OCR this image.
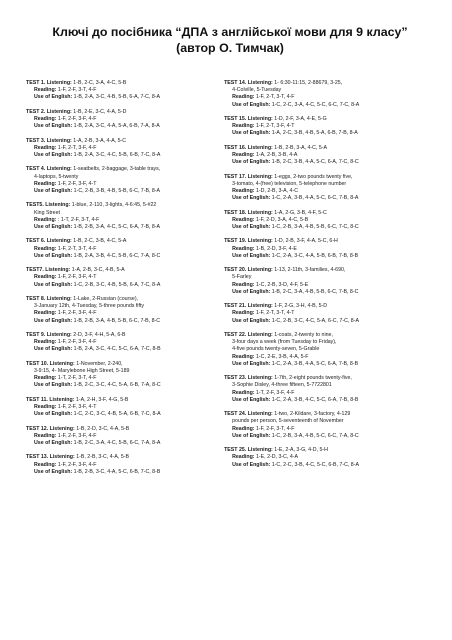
Ключі до посібника “ДПА з англійської мови для 9 класу”
(автор О. Тимчак)
TEST 1. Listening: 1-B, 2-C, 3-A, 4-C, 5-B
Reading: 1-F, 2-F, 3-T, 4-F
Use of English: 1-B, 2-A, 3-C, 4-B, 5-B, 6-A, 7-C, 8-A
TEST 2. Listening: 1-B, 2-E, 3-C, 4-A, 5-D
Reading: 1-F, 2-F, 3-F, 4-F
Use of English: 1-B, 2-A, 3-C, 4-A, 5-A, 6-B, 7-A, 8-A
TEST 3. Listening: 1-A, 2-B, 3-A, 4-A, 5-C
Reading: 1-F, 2-T, 3-F, 4-F
Use of English: 1-B, 2-A, 3-C, 4-C, 5-B, 6-B, 7-C, 8-A
TEST 4. Listening: 1-seatbelts, 2-baggage, 3-table trays,
4-laptops, 5-twenty
Reading: 1-F, 2-F, 3-F, 4-T
Use of English: 1-C, 2-B, 3-B, 4-B, 5-B, 6-C, 7-B, 8-A
TEST5. Listening: 1-blue, 2-110, 3-lights, 4-6:45, 5-#22
King Street
Reading: : 1-T, 2-F, 3-T, 4-F
Use of English: 1-B, 2-B, 3-A, 4-C, 5-C, 6-A, 7-B, 8-A
TEST 6. Listening: 1-B, 2-C, 3-B, 4-C, 5-A
Reading: 1-F, 2-T, 3-T, 4-F
Use of English: 1-B, 2-A, 3-B, 4-C, 5-B, 6-C, 7-A, 8-C
TEST7. Listening: 1-A, 2-B, 3-C, 4-B, 5-A
Reading: 1-F, 2-F, 3-F, 4-T
Use of English: 1-C, 2-B, 3-C, 4-B, 5-B, 6-A, 7-C, 8-A
TEST 8. Listening: 1-Lake, 2-Russian (course),
3-January 12th, 4-Tuesday, 5-three pounds fifty
Reading: 1-F, 2-F, 3-F, 4-F
Use of English: 1-B, 2-B, 3-A, 4-B, 5-B, 6-C, 7-B, 8-C
TEST 9. Listening: 2-D, 3-F, 4-H, 5-A, 6-B
Reading: 1-F, 2-F, 3-F, 4-F
Use of English: 1-B, 2-A, 3-C, 4-C, 5-C, 6-A, 7-C, 8-B
TEST 10. Listening: 1-November, 2-240,
3-9:15, 4- Marylebone High Street, 5-189
Reading: 1-T, 2-F, 3-T, 4-F
Use of English: 1-B, 2-C, 3-C, 4-C, 5-A, 6-B, 7-A, 8-C
TEST 11. Listening: 1-A, 2-H, 3-F, 4-G, 5-B
Reading: 1-F, 2-F, 3-F, 4-T
Use of English: 1-C, 2-C, 3-C, 4-B, 5-A, 6-B, 7-C, 8-A
TEST 12. Listening: 1-B, 2-D, 3-C, 4-A, 5-B
Reading: 1-F, 2-F, 3-F, 4-F
Use of English: 1-B, 2-C, 3-A, 4-C, 5-B, 6-C, 7-A, 8-A
TEST 13. Listening: 1-B, 2-B, 3-C, 4-A, 5-B
Reading: 1-F, 2-F, 3-F, 4-F
Use of English: 1-B, 2-B, 3-C, 4-A, 5-C, 6-B, 7-C, 8-B
TEST 14. Listening: 1- 6:30-11:15, 2-88679, 3-25,
4-Colville, 5-Tuesday
Reading: 1-F, 2-T, 3-T, 4-F
Use of English: 1-C, 2-C, 3-A, 4-C, 5-C, 6-C, 7-C, 8-A
TEST 15. Listening: 1-D, 2-F, 3-A, 4-E, 5-G
Reading: 1-F, 2-T, 3-F, 4-T
Use of English: 1-A, 2-C, 3-B, 4-B, 5-A, 6-B, 7-B, 8-A
TEST 16. Listening: 1-B, 2-B, 3-A, 4-C, 5-A
Reading: 1-A, 2-B, 3-B, 4-A
Use of English: 1-B, 2-C, 3-B, 4-A, 5-C, 6-A, 7-C, 8-C
TEST 17. Listening: 1-eggs, 2-two pounds twenty five,
3-tomato, 4-(free) television, 5-telephone number
Reading: 1-D, 2-B, 3-A, 4-C
Use of English: 1-C, 2-A, 3-B, 4-A, 5-C, 6-C, 7-B, 8-A
TEST 18. Listening: 1-A, 2-G, 3-B, 4-F, 5-C
Reading: 1-F, 2-D, 3-A, 4-C, 5-B
Use of English: 1-C, 2-B, 3-A, 4-B, 5-B, 6-C, 7-C, 8-C
TEST 19. Listening: 1-D, 2-B, 3-F, 4-A, 5-C, 6-H
Reading: 1-B, 2-D, 3-F, 4-E
Use of English: 1-C, 2-A, 3-C, 4-A, 5-B, 6-B, 7-B, 8-B
TEST 20. Listening: 1-13, 2-11th, 3-families, 4-690,
5-Farley
Reading: 1-C, 2-B, 3-D, 4-F, 5-E
Use of English: 1-B, 2-C, 3-A, 4-B, 5-B, 6-C, 7-B, 8-C
TEST 21. Listening: 1-F, 2-G, 3-H, 4-B, 5-D
Reading: 1-F, 2-T, 3-T, 4-T
Use of English: 1-C, 2-B, 3-C, 4-C, 5-A, 6-C, 7-C, 8-A
TEST 22. Listening: 1-coats, 2-twenty to nine,
3-four days a week (from Tuesday to Friday),
4-five pounds twenty-seven, 5-Grable
Reading: 1-C, 2-E, 3-B, 4-A, 5-F
Use of English: 1-C, 2-A, 3-B, 4-A, 5-C, 6-A, 7-B, 8-B
TEST 23. Listening: 1-7th, 2-eight pounds twenty-five,
3-Sophie Disley, 4-three fifteen, 5-7722801
Reading: 1-T, 2-F, 3-F, 4-F
Use of English: 1-C, 2-A, 3-B, 4-C, 5-C, 6-A, 7-B, 8-B
TEST 24. Listening: 1-two, 2-Kildare, 3-factory, 4-129
pounds per person, 5-seventeenth of November
Reading: 1-F, 2-F, 3-T, 4-F
Use of English: 1-C, 2-B, 3-A, 4-B, 5-C, 6-C, 7-A, 8-C
TEST 25. Listening: 1-E, 2-A, 3-G, 4-D, 5-H
Reading: 1-E, 2-D, 3-C, 4-A
Use of English: 1-C, 2-C, 3-B, 4-C, 5-C, 6-B, 7-C, 8-A
